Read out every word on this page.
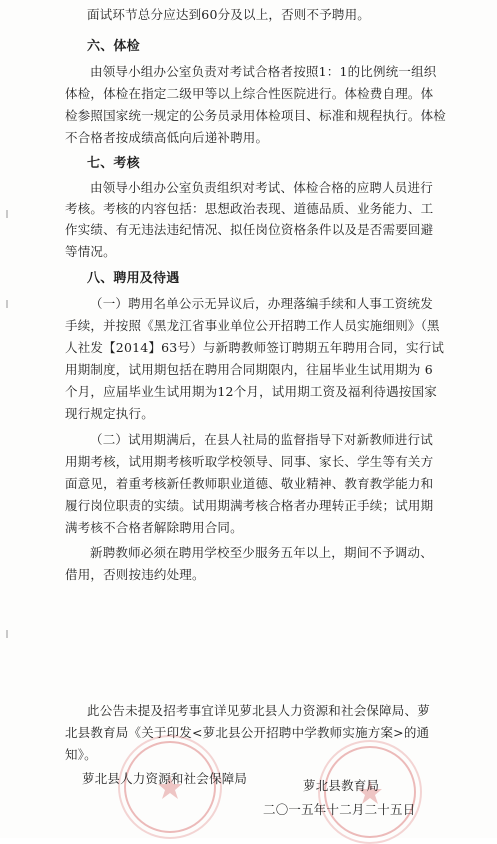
面试环节总分应达到60分及以上，否则不予聘用。
六、体检
由领导小组办公室负责对考试合格者按照1：1的比例统一组织
体检，体检在指定二级甲等以上综合性医院进行。体检费自理。体
检参照国家统一规定的公务员录用体检项目、标准和规程执行。体检
不合格者按成绩高低向后递补聘用。
七、考核
由领导小组办公室负责组织对考试、体检合格的应聘人员进行
考核。考核的内容包括：思想政治表现、道德品质、业务能力、工
作实绩、有无违法违纪情况、拟任岗位资格条件以及是否需要回避
等情况。
八、聘用及待遇
（一）聘用名单公示无异议后，办理落编手续和人事工资统发
手续，并按照《黑龙江省事业单位公开招聘工作人员实施细则》（黑
人社发【2014】63号）与新聘教师签订聘期五年聘用合同，实行试
用期制度，试用期包括在聘用合同期限内，往届毕业生试用期为 6
个月，应届毕业生试用期为12个月，试用期工资及福利待遇按国家
现行规定执行。
（二）试用期满后，在县人社局的监督指导下对新教师进行试
用期考核，试用期考核听取学校领导、同事、家长、学生等有关方
面意见，着重考核新任教师职业道德、敬业精神、教育教学能力和
履行岗位职责的实绩。试用期满考核合格者办理转正手续；试用期
满考核不合格者解除聘用合同。
新聘教师必须在聘用学校至少服务五年以上，期间不予调动、
借用，否则按违约处理。
此公告未提及招考事宜详见萝北县人力资源和社会保障局、萝
北县教育局《关于印发<萝北县公开招聘中学教师实施方案>的通
知》。
萝北县人力资源和社会保障局	萝北县教育局
二〇一五年十二月二十五日
